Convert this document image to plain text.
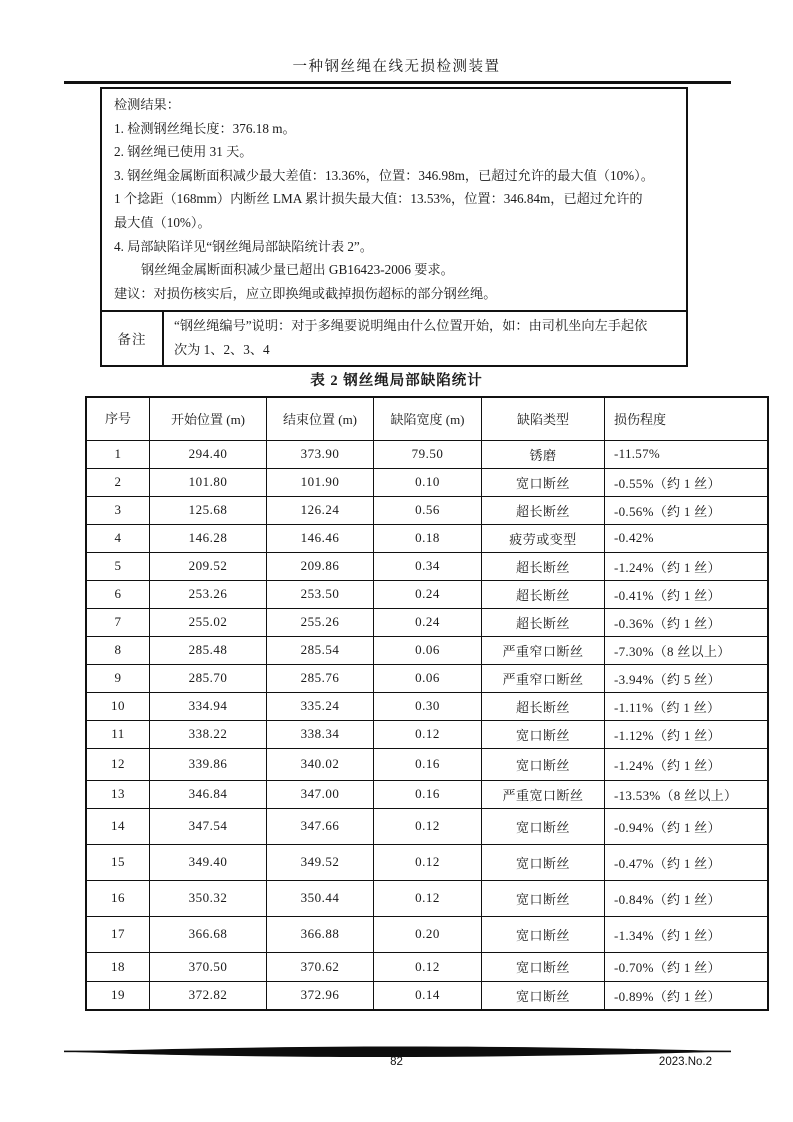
一种钢丝绳在线无损检测装置
检测结果：
1. 检测钢丝绳长度：376.18 m。
2. 钢丝绳已使用 31 天。
3. 钢丝绳金属断面积减少最大差值：13.36%，位置：346.98m，已超过允许的最大值（10%）。
1 个捻距（168mm）内断丝 LMA 累计损失最大值：13.53%，位置：346.84m，已超过允许的
最大值（10%）。
4. 局部缺陷详见“钢丝绳局部缺陷统计表 2”。
钢丝绳金属断面积减少量已超出 GB16423-2006 要求。
建议：对损伤核实后，应立即换绳或截掉损伤超标的部分钢丝绳。
备注
“钢丝绳编号”说明：对于多绳要说明绳由什么位置开始，如：由司机坐向左手起依
次为 1、2、3、4
表 2 钢丝绳局部缺陷统计
序号	开始位置 (m)	结束位置 (m)	缺陷宽度 (m)	缺陷类型	损伤程度
1	294.40	373.90	79.50	锈磨	-11.57%
2	101.80	101.90	0.10	宽口断丝	-0.55%（约 1 丝）
3	125.68	126.24	0.56	超长断丝	-0.56%（约 1 丝）
4	146.28	146.46	0.18	疲劳或变型	-0.42%
5	209.52	209.86	0.34	超长断丝	-1.24%（约 1 丝）
6	253.26	253.50	0.24	超长断丝	-0.41%（约 1 丝）
7	255.02	255.26	0.24	超长断丝	-0.36%（约 1 丝）
8	285.48	285.54	0.06	严重窄口断丝	-7.30%（8 丝以上）
9	285.70	285.76	0.06	严重窄口断丝	-3.94%（约 5 丝）
10	334.94	335.24	0.30	超长断丝	-1.11%（约 1 丝）
11	338.22	338.34	0.12	宽口断丝	-1.12%（约 1 丝）
12	339.86	340.02	0.16	宽口断丝	-1.24%（约 1 丝）
13	346.84	347.00	0.16	严重宽口断丝	-13.53%（8 丝以上）
14	347.54	347.66	0.12	宽口断丝	-0.94%（约 1 丝）
15	349.40	349.52	0.12	宽口断丝	-0.47%（约 1 丝）
16	350.32	350.44	0.12	宽口断丝	-0.84%（约 1 丝）
17	366.68	366.88	0.20	宽口断丝	-1.34%（约 1 丝）
18	370.50	370.62	0.12	宽口断丝	-0.70%（约 1 丝）
19	372.82	372.96	0.14	宽口断丝	-0.89%（约 1 丝）
82	2023.No.2
